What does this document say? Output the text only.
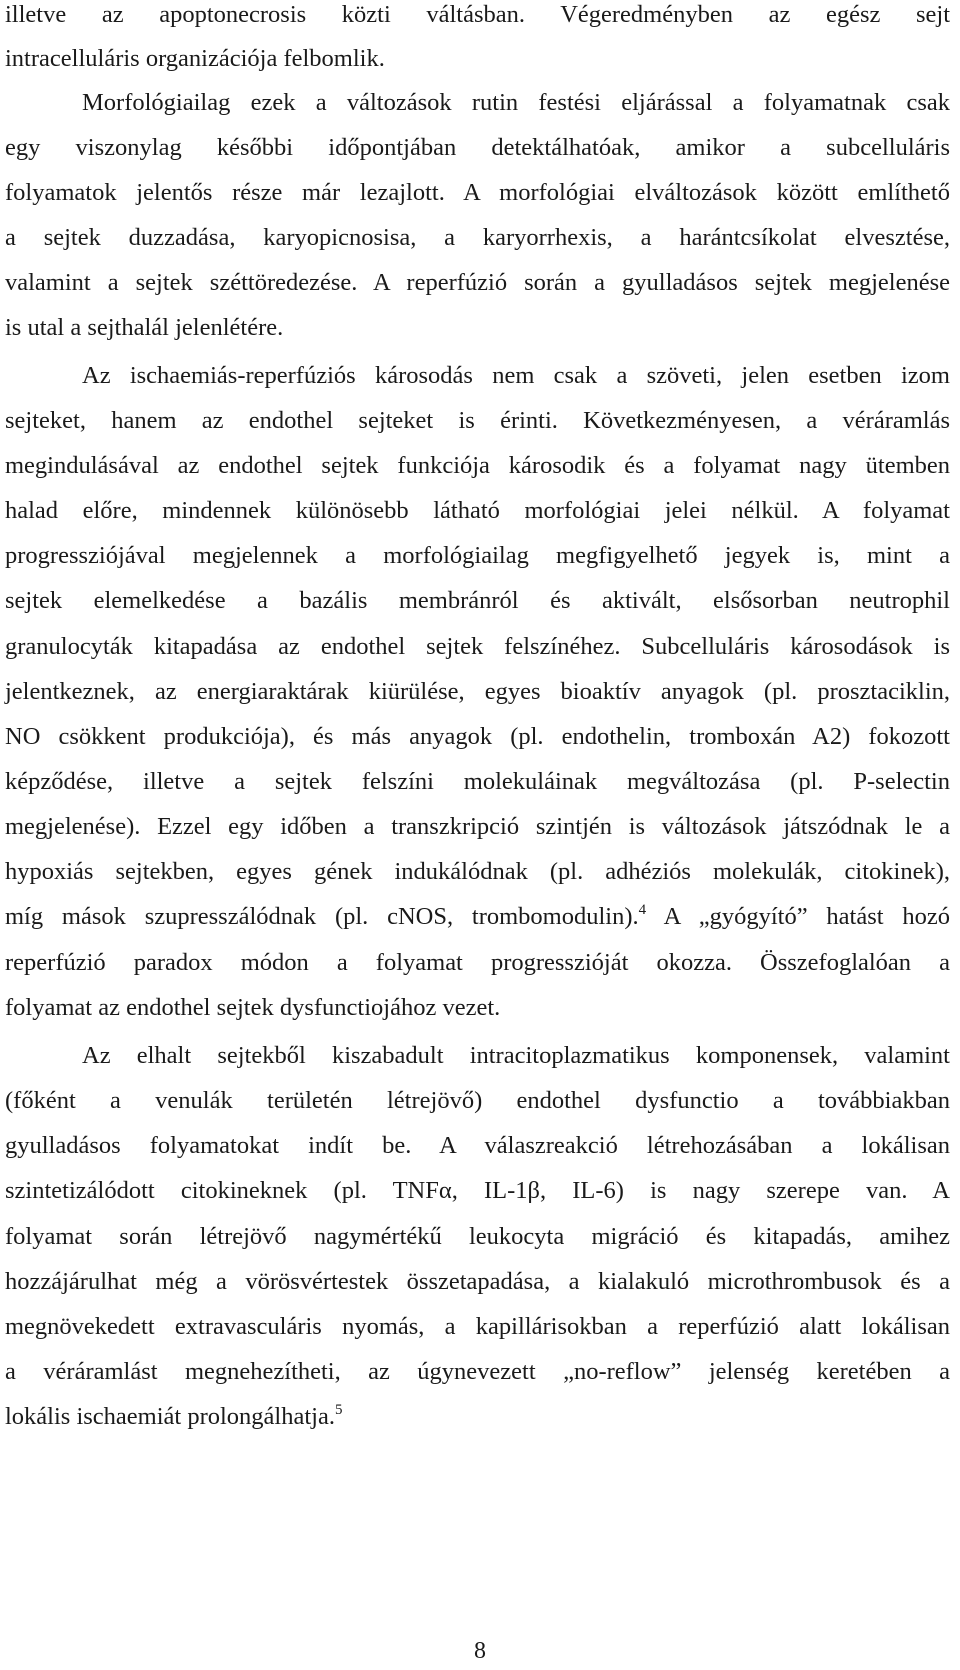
illetve az apoptonecrosis közti váltásban. Végeredményben az egész sejt
intracelluláris organizációja felbomlik.
Morfológiailag ezek a változások rutin festési eljárással a folyamatnak csak
egy viszonylag későbbi időpontjában detektálhatóak, amikor a subcelluláris
folyamatok jelentős része már lezajlott. A morfológiai elváltozások között említhető
a sejtek duzzadása, karyopicnosisa, a karyorrhexis, a harántcsíkolat elvesztése,
valamint a sejtek széttöredezése. A reperfúzió során a gyulladásos sejtek megjelenése
is utal a sejthalál jelenlétére.
Az ischaemiás-reperfúziós károsodás nem csak a szöveti, jelen esetben izom
sejteket, hanem az endothel sejteket is érinti. Következményesen, a véráramlás
megindulásával az endothel sejtek funkciója károsodik és a folyamat nagy ütemben
halad előre, mindennek különösebb látható morfológiai jelei nélkül. A folyamat
progressziójával megjelennek a morfológiailag megfigyelhető jegyek is, mint a
sejtek elemelkedése a bazális membránról és aktivált, elsősorban neutrophil
granulocyták kitapadása az endothel sejtek felszínéhez. Subcelluláris károsodások is
jelentkeznek, az energiaraktárak kiürülése, egyes bioaktív anyagok (pl. prosztaciklin,
NO csökkent produkciója), és más anyagok (pl. endothelin, tromboxán A2) fokozott
képződése, illetve a sejtek felszíni molekuláinak megváltozása (pl. P-selectin
megjelenése). Ezzel egy időben a transzkripció szintjén is változások játszódnak le a
hypoxiás sejtekben, egyes gének indukálódnak (pl. adhéziós molekulák, citokinek),
míg mások szupresszálódnak (pl. cNOS, trombomodulin).$^4$ A „gyógyító” hatást hozó
reperfúzió paradox módon a folyamat progresszióját okozza. Összefoglalóan a
folyamat az endothel sejtek dysfunctiojához vezet.
Az elhalt sejtekből kiszabadult intracitoplazmatikus komponensek, valamint
(főként a venulák területén létrejövő) endothel dysfunctio a továbbiakban
gyulladásos folyamatokat indít be. A válaszreakció létrehozásában a lokálisan
szintetizálódott citokineknek (pl. TNFα, IL-1β, IL-6) is nagy szerepe van. A
folyamat során létrejövő nagymértékű leukocyta migráció és kitapadás, amihez
hozzájárulhat még a vörösvértestek összetapadása, a kialakuló microthrombusok és a
megnövekedett extravasculáris nyomás, a kapillárisokban a reperfúzió alatt lokálisan
a véráramlást megnehezítheti, az úgynevezett „no-reflow” jelenség keretében a
lokális ischaemiát prolongálhatja.$^5$
8
